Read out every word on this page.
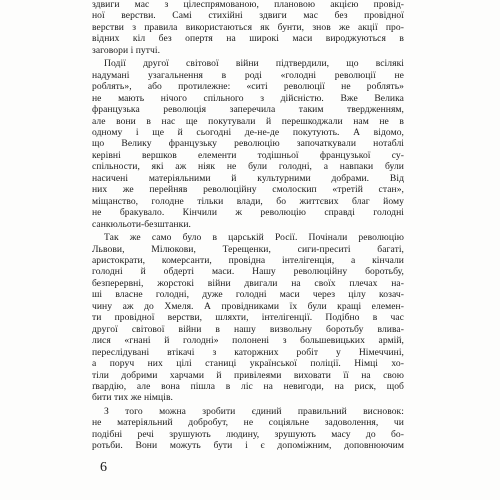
здвиги мас з цілеспрямованою, плановою акцією провід-
ної верстви. Самі стихійні здвиги мас без провідної
верстви з правила використаються як бунти, знов же акції про-
відних кіл без опертя на широкі маси вироджуються в
заговори і путчі.

Події другої світової війни підтвердили, що всілякі
надумані узагальнення в роді «голодні революції не
роблять», або протилежне: «ситі революції не роблять»
не мають нічого спільного з дійсністю. Вже Велика
французька революція заперечила таким твердженням,
але вони в нас ще покутували й перешкоджали нам не в
одному і ще й сьогодні де-не-де покутують. А відомо,
що Велику французьку революцію започаткували нотаблі
керівні вершков елементи тодішньої французької су-
спільности, які аж ніяк не були голодні, а навпаки були
насичені матеріяльними й культурними добрами. Від
них же перейняв революційну смолоскип «третій стан»,
міщанство, голодне тільки влади, бо життєвих благ йому
не бракувало. Кінчили ж революцію справді голодні
санкюльоти-безштанки.

Так же само було в царській Росії. Почінали революцію
Львови, Мілюкови, Терещенки, сиги-преситі багаті,
аристократи, комерсанти, провідна інтелігенція, а кінчали
голодні й обдерті маси. Нашу революційну боротьбу,
безперервні, жорстокі війни двигали на своїх плечах на-
ші власне голодні, дуже голодні маси через цілу козач-
чину аж до Хмеля. А провідниками їх були кращі елемен-
ти провідної верстви, шляхти, інтелігенції. Подібно в час
другої світової війни в нашу визвольну боротьбу влива-
лися «гнані й голодні» полонені з большевицьких армій,
переслідувані втікачі з каторжних робіт у Німеччині,
а поруч них цілі станиці української поліції. Німці хо-
тіли добрими харчами й привілеями виховати її на свою
ґвардію, але вона пішла в ліс на невигоди, на риск, щоб
бити тих же німців.

З того можна зробити єдиний правильний висновок:
не матеріяльний добробут, не соціяльне задоволення, чи
подібні речі зрушують людину, зрушують масу до бо-
ротьби. Вони можуть бути і є допоміжним, доповнюючим

6
